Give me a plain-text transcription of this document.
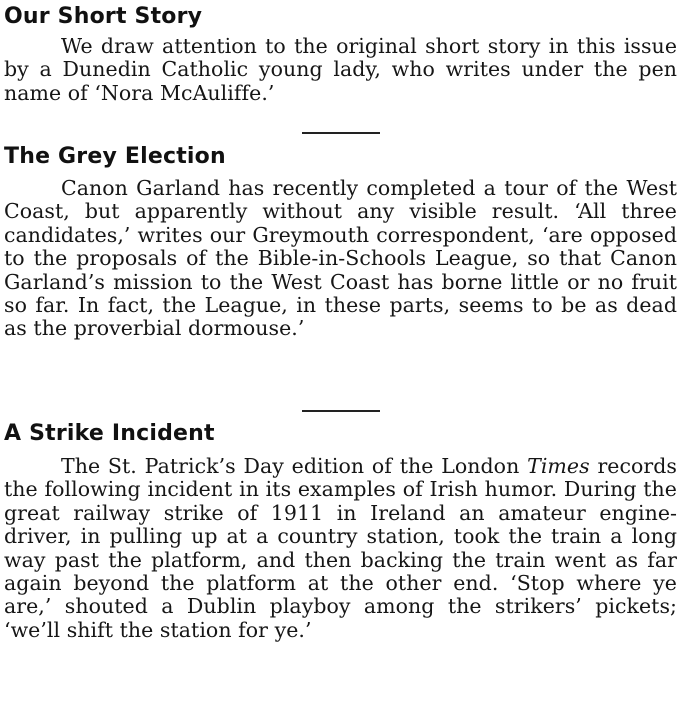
Our Short Story

We draw attention to the original short story in this issue by a Dunedin Catholic young lady, who writes under the pen name of ‘Nora McAuliffe.’

The Grey Election

Canon Garland has recently completed a tour of the West Coast, but apparently without any visible result. ‘All three candidates,’ writes our Greymouth correspondent, ‘are opposed to the proposals of the Bible-in-Schools League, so that Canon Garland’s mission to the West Coast has borne little or no fruit so far. In fact, the League, in these parts, seems to be as dead as the proverbial dormouse.’

A Strike Incident

The St. Patrick’s Day edition of the London Times records the following incident in its examples of Irish humor. During the great railway strike of 1911 in Ireland an amateur engine-driver, in pulling up at a country station, took the train a long way past the platform, and then backing the train went as far again beyond the platform at the other end. ‘Stop where ye are,’ shouted a Dublin playboy among the strikers’ pickets; ‘we’ll shift the station for ye.’
